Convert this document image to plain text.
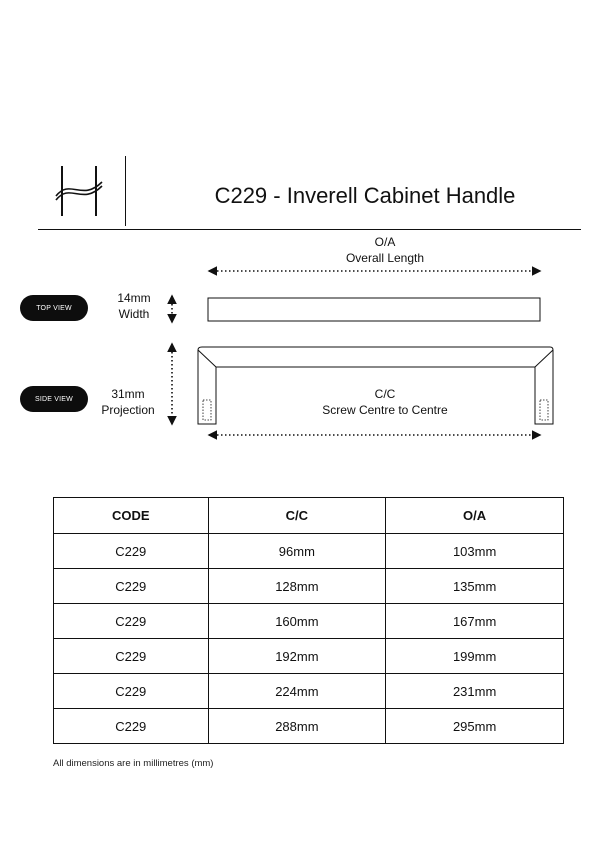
C229 - Inverell Cabinet Handle
O/A
Overall Length
TOP VIEW
14mm
Width
SIDE VIEW	31mm
Projection
C/C
Screw Centre to Centre
CODE	C/C	O/A
C229	96mm	103mm
C229	128mm	135mm
C229	160mm	167mm
C229	192mm	199mm
C229	224mm	231mm
C229	288mm	295mm
All dimensions are in millimetres (mm)
